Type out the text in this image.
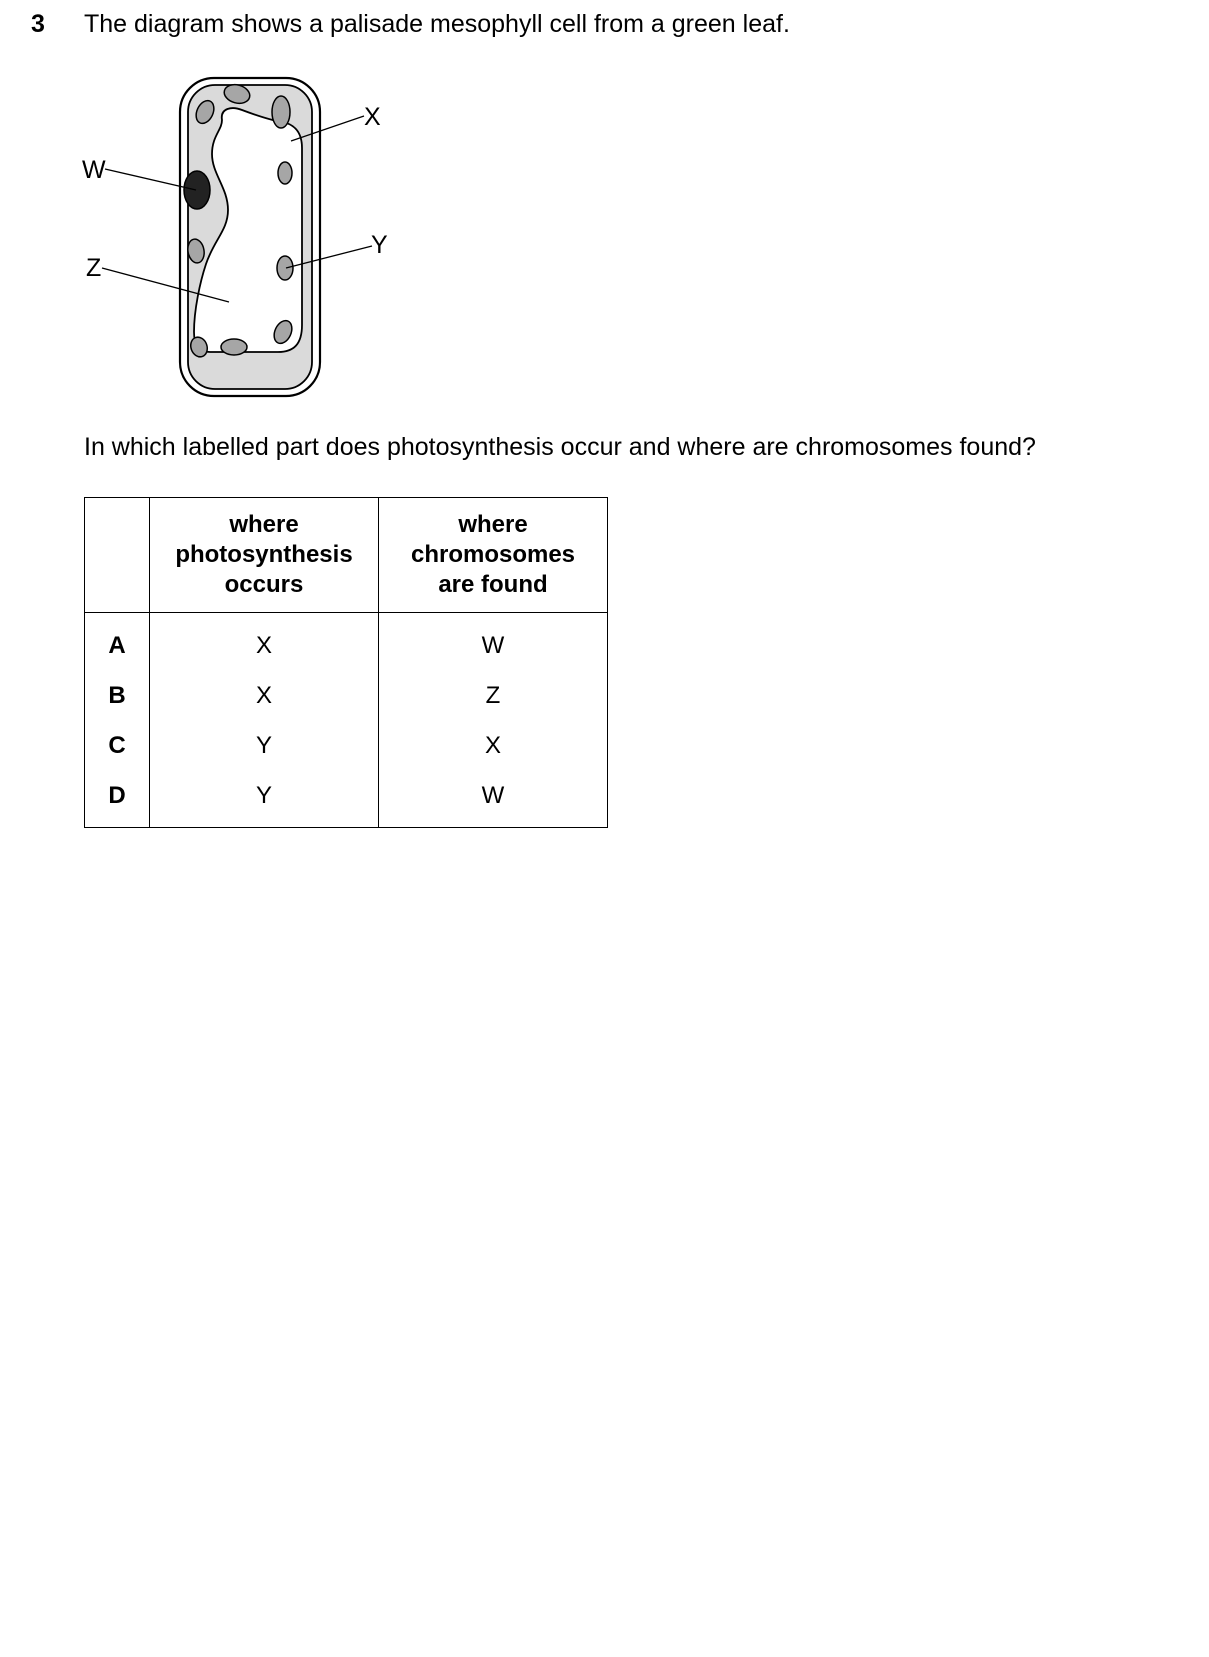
3 The diagram shows a palisade mesophyll cell from a green leaf.
X
W
Y
Z
In which labelled part does photosynthesis occur and where are chromosomes found?

	where
photosynthesis
occurs	where
chromosomes
are found

A	X	W
B	X	Z
C	Y	X
D	Y	W
